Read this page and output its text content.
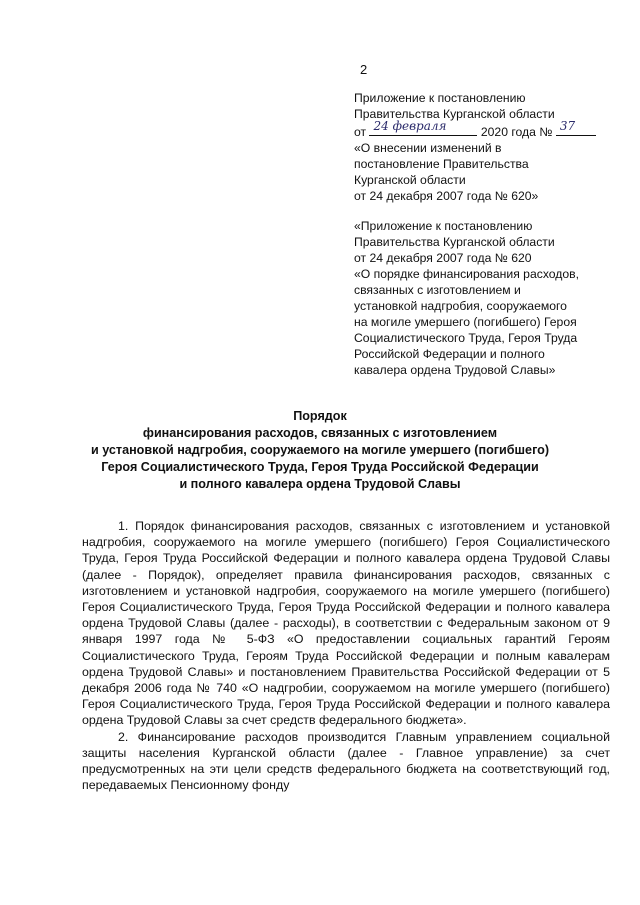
2
Приложение к постановлению
Правительства Курганской области
от 24 февраля	2020 года № 37
«О внесении изменений в
постановление Правительства
Курганской области
от 24 декабря 2007 года № 620»
«Приложение к постановлению
Правительства Курганской области
от 24 декабря 2007 года № 620
«О порядке финансирования расходов,
связанных с изготовлением и
установкой надгробия, сооружаемого
на могиле умершего (погибшего) Героя
Социалистического Труда, Героя Труда
Российской Федерации и полного
кавалера ордена Трудовой Славы»
Порядок
финансирования расходов, связанных с изготовлением
и установкой надгробия, сооружаемого на могиле умершего (погибшего)
Героя Социалистического Труда, Героя Труда Российской Федерации
и полного кавалера ордена Трудовой Славы

1. Порядок финансирования расходов, связанных с изготовлением и установкой надгробия, сооружаемого на могиле умершего (погибшего) Героя Социалистического Труда, Героя Труда Российской Федерации и полного кавалера ордена Трудовой Славы (далее - Порядок), определяет правила финансирования расходов, связанных с изготовлением и установкой надгробия, сооружаемого на могиле умершего (погибшего) Героя Социалистического Труда, Героя Труда Российской Федерации и полного кавалера ордена Трудовой Славы (далее - расходы), в соответствии с Федеральным законом от 9 января 1997 года № 5-ФЗ «О предоставлении социальных гарантий Героям Социалистического Труда, Героям Труда Российской Федерации и полным кавалерам ордена Трудовой Славы» и постановлением Правительства Российской Федерации от 5 декабря 2006 года № 740 «О надгробии, сооружаемом на могиле умершего (погибшего) Героя Социалистического Труда, Героя Труда Российской Федерации и полного кавалера ордена Трудовой Славы за счет средств федерального бюджета».

2. Финансирование расходов производится Главным управлением социальной защиты населения Курганской области (далее - Главное управление) за счет предусмотренных на эти цели средств федерального бюджета на соответствующий год, передаваемых Пенсионному фонду
